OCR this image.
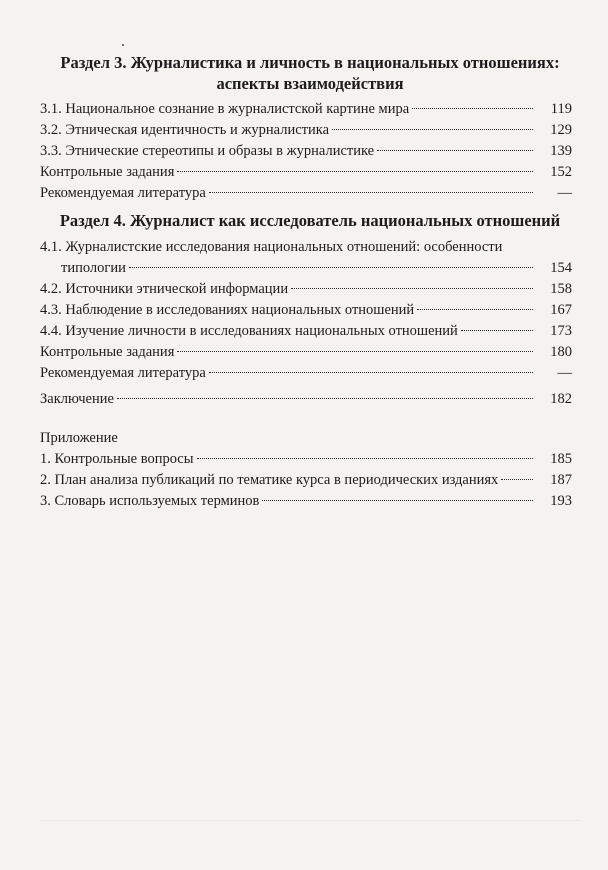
Раздел 3. Журналистика и личность в национальных отношениях:
аспекты взаимодействия
3.1. Национальное сознание в журналистской картине мира	119
3.2. Этническая идентичность и журналистика	129
3.3. Этнические стереотипы и образы в журналистике	139
Контрольные задания	152
Рекомендуемая литература	—
Раздел 4. Журналист как исследователь национальных отношений
4.1. Журналистские исследования национальных отношений: особенности
типологии	154
4.2. Источники этнической информации	158
4.3. Наблюдение в исследованиях национальных отношений	167
4.4. Изучение личности в исследованиях национальных отношений	173
Контрольные задания	180
Рекомендуемая литература	—
Заключение	182
Приложение
1. Контрольные вопросы	185
2. План анализа публикаций по тематике курса в периодических изданиях	187
3. Словарь используемых терминов	193
